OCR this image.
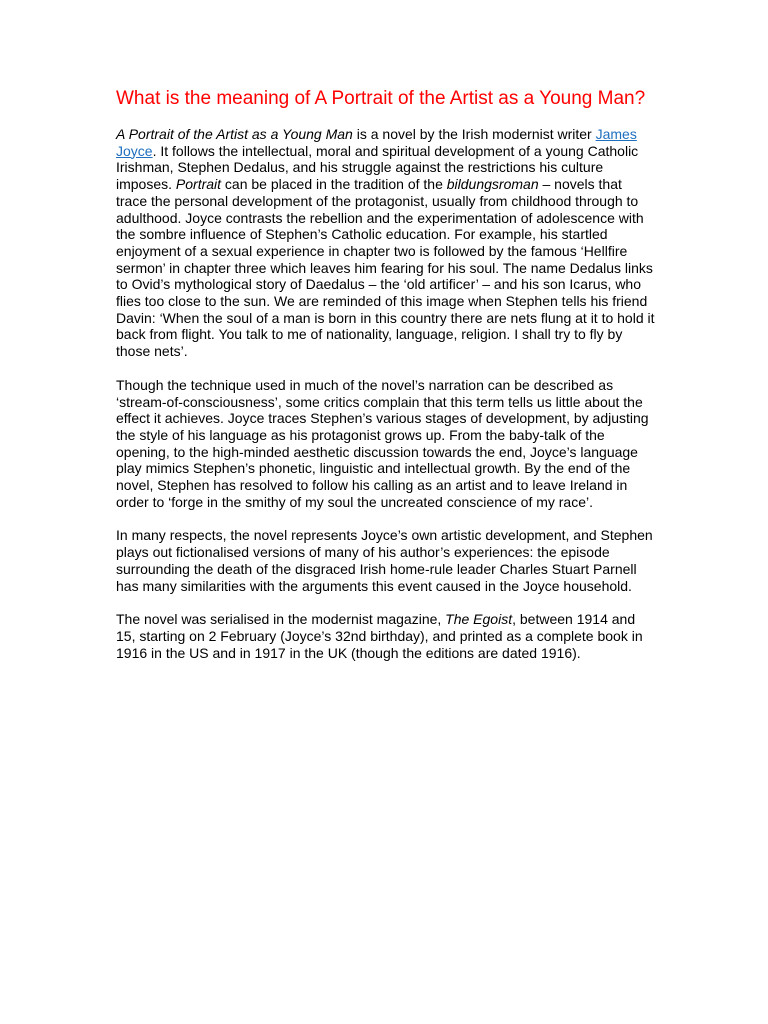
What is the meaning of A Portrait of the Artist as a Young Man?

A Portrait of the Artist as a Young Man is a novel by the Irish modernist writer James Joyce. It follows the intellectual, moral and spiritual development of a young Catholic Irishman, Stephen Dedalus, and his struggle against the restrictions his culture imposes. Portrait can be placed in the tradition of the bildungsroman – novels that trace the personal development of the protagonist, usually from childhood through to adulthood. Joyce contrasts the rebellion and the experimentation of adolescence with the sombre influence of Stephen’s Catholic education. For example, his startled enjoyment of a sexual experience in chapter two is followed by the famous ‘Hellfire sermon’ in chapter three which leaves him fearing for his soul. The name Dedalus links to Ovid’s mythological story of Daedalus – the ‘old artificer’ – and his son Icarus, who flies too close to the sun. We are reminded of this image when Stephen tells his friend Davin: ‘When the soul of a man is born in this country there are nets flung at it to hold it back from flight. You talk to me of nationality, language, religion. I shall try to fly by those nets’.

Though the technique used in much of the novel’s narration can be described as ‘stream-of-consciousness’, some critics complain that this term tells us little about the effect it achieves. Joyce traces Stephen’s various stages of development, by adjusting the style of his language as his protagonist grows up. From the baby-talk of the opening, to the high-minded aesthetic discussion towards the end, Joyce’s language play mimics Stephen’s phonetic, linguistic and intellectual growth. By the end of the novel, Stephen has resolved to follow his calling as an artist and to leave Ireland in order to ‘forge in the smithy of my soul the uncreated conscience of my race’.

In many respects, the novel represents Joyce’s own artistic development, and Stephen plays out fictionalised versions of many of his author’s experiences: the episode surrounding the death of the disgraced Irish home-rule leader Charles Stuart Parnell has many similarities with the arguments this event caused in the Joyce household.

The novel was serialised in the modernist magazine, The Egoist, between 1914 and 15, starting on 2 February (Joyce’s 32nd birthday), and printed as a complete book in 1916 in the US and in 1917 in the UK (though the editions are dated 1916).
